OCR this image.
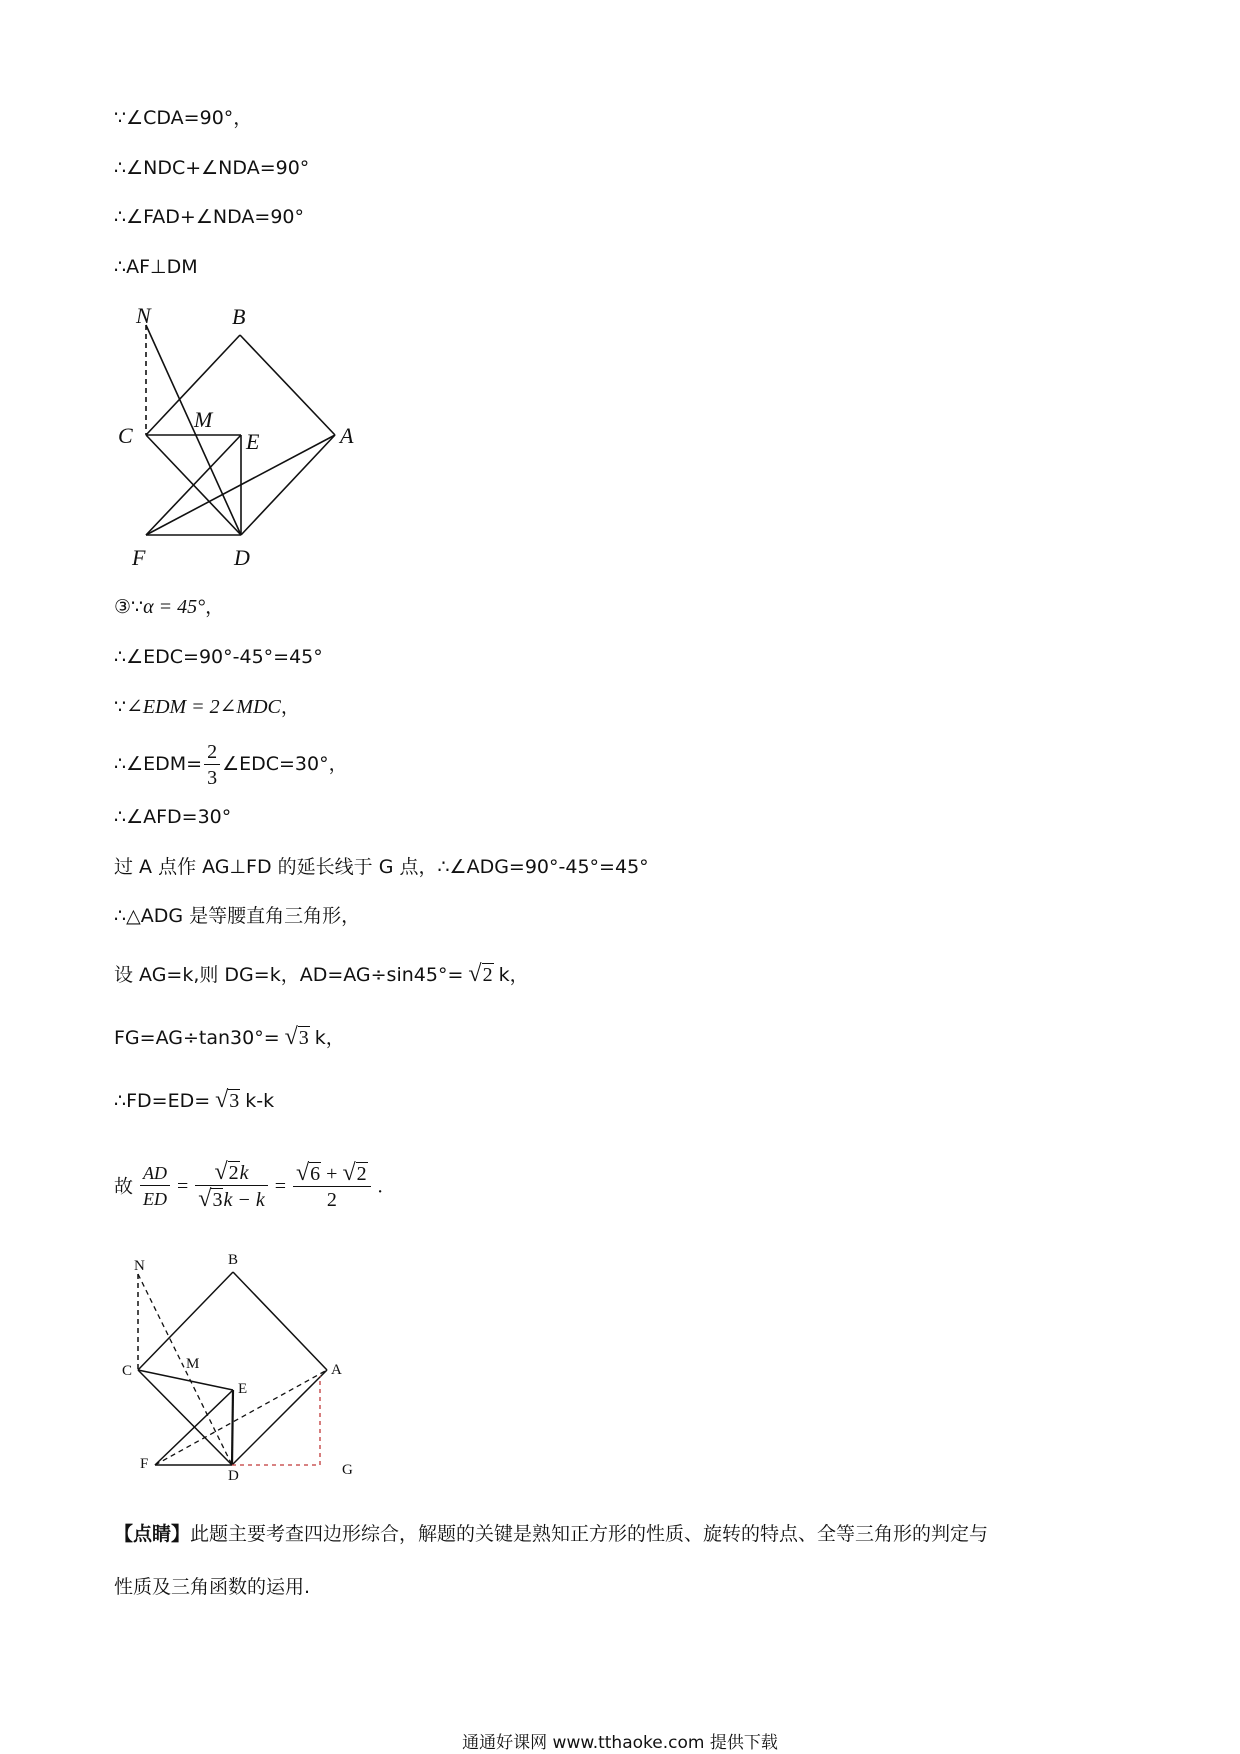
∵∠CDA=90°，
∴∠NDC+∠NDA=90°
∴∠FAD+∠NDA=90°
∴AF⊥DM
N	B
C
M
E	A
F	D
③∵α = 45°，
∴∠EDC=90°-45°=45°
∵∠EDM = 2∠MDC，
∴∠EDM= $\frac{2}{3}$ ∠EDC=30°，
∴∠AFD=30°
过 A 点作 AG⊥FD 的延长线于 G 点，∴∠ADG=90°-45°=45°
∴△ADG 是等腰直角三角形，
设 AG=k,则 DG=k，AD=AG÷sin45°= √2 k，
FG=AG÷tan30°= √3 k，
∴FD=ED= √3 k-k
故 $\frac{AD}{ED} = \frac{√2k}{√3k - k} = \frac{√6 + √2}{2}$ .
N	B
C	M
E
A
F
D	G
【点睛】此题主要考查四边形综合，解题的关键是熟知正方形的性质、旋转的特点、全等三角形的判定与
性质及三角函数的运用.
通通好课网 www.tthaoke.com 提供下载
